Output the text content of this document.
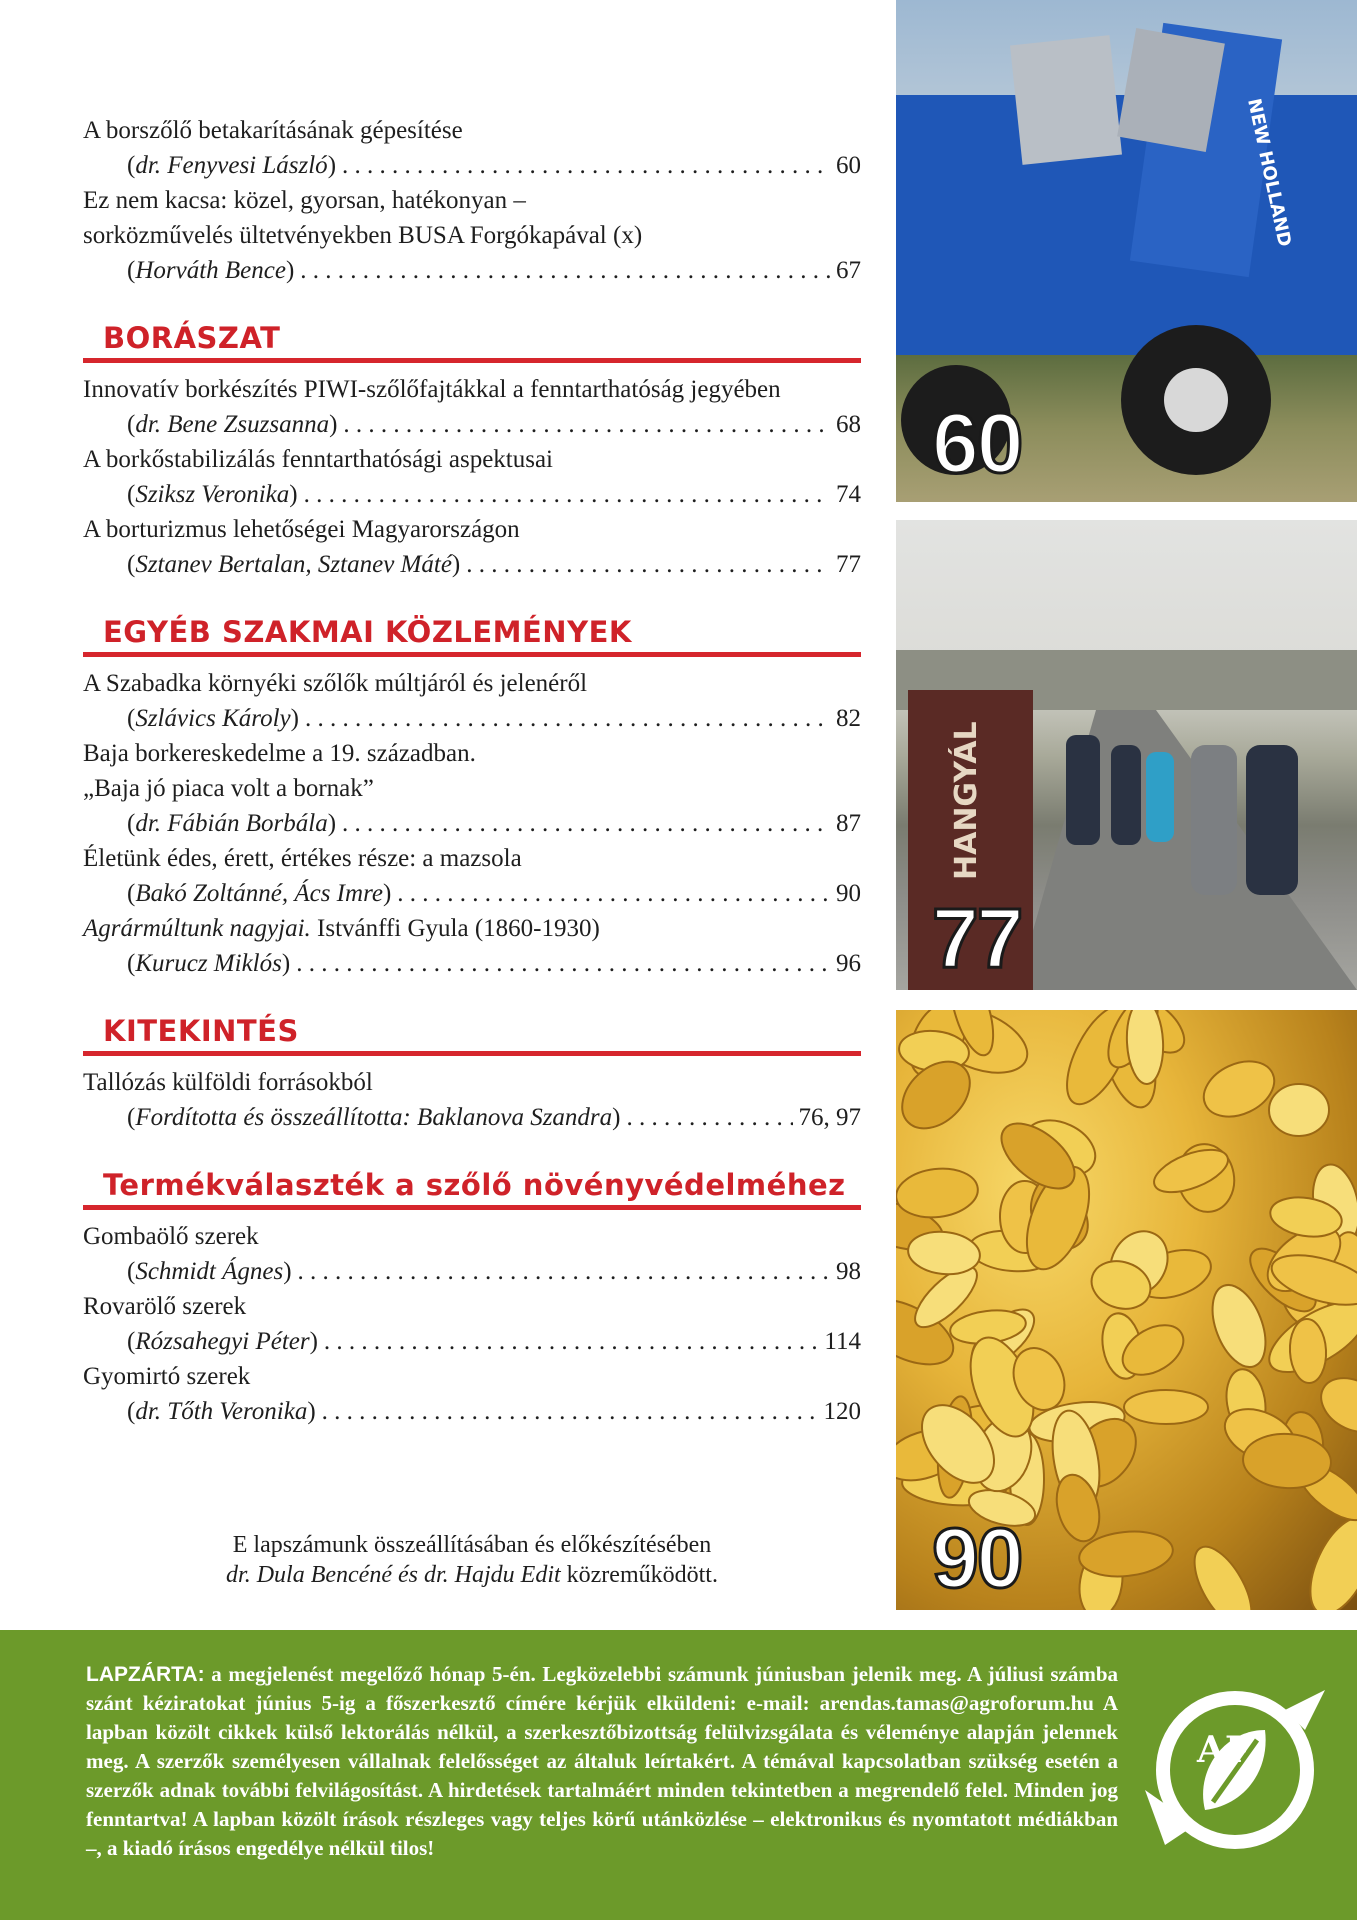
A borszőlő betakarításának gépesítése
(dr. Fenyvesi László) . . .	60
Ez nem kacsa: közel, gyorsan, hatékonyan –
sorközművelés ültetvényekben BUSA Forgókapával (x)
(Horváth Bence) . . .	67
BORÁSZAT
Innovatív borkészítés PIWI-szőlőfajtákkal a fenntarthatóság jegyében
(dr. Bene Zsuzsanna) . . .	68
A borkőstabilizálás fenntarthatósági aspektusai
(Sziksz Veronika) . . .	74
A borturizmus lehetőségei Magyarországon
(Sztanev Bertalan, Sztanev Máté) . . .	77
EGYÉB SZAKMAI KÖZLEMÉNYEK
A Szabadka környéki szőlők múltjáról és jelenéről
(Szlávics Károly) . . .	82
Baja borkereskedelme a 19. században.
„Baja jó piaca volt a bornak”
(dr. Fábián Borbála) . . .	87
Életünk édes, érett, értékes része: a mazsola
(Bakó Zoltánné, Ács Imre) . . .	90
Agrármúltunk nagyjai. Istvánffi Gyula (1860-1930)
(Kurucz Miklós) . . .	96
KITEKINTÉS
Tallózás külföldi forrásokból
(Fordította és összeállította: Baklanova Szandra) . . .	76, 97
Termékválaszték a szőlő növényvédelméhez
Gombaölő szerek
(Schmidt Ágnes) . . .	98
Rovarölő szerek
(Rózsahegyi Péter) . . .	114
Gyomirtó szerek
(dr. Tőth Veronika) . . .	120
E lapszámunk összeállításában és előkészítésében
dr. Dula Bencéné és dr. Hajdu Edit közreműködött.
NEW HOLLAND
60
HANGYÁL
77
90
LAPZÁRTA: a megjelenést megelőző hónap 5-én. Legközelebbi számunk júniusban jelenik meg. A júliusi számba szánt kéziratokat június 5-ig a főszerkesztő címére kérjük elküldeni: e-mail: arendas.tamas@agroforum.hu A lapban közölt cikkek külső lektorálás nélkül, a szerkesztőbizottság felülvizsgálata és véleménye alapján jelennek meg. A szerzők személyesen vállalnak felelősséget az általuk leírtakért. A témával kapcsolatban szükség esetén a szerzők adnak további felvilágosítást. A hirdetések tartalmáért minden tekintetben a megrendelő felel. Minden jog fenntartva! A lapban közölt írások részleges vagy teljes körű utánközlése – elektronikus és nyomtatott médiákban –, a kiadó írásos engedélye nélkül tilos!
AF
